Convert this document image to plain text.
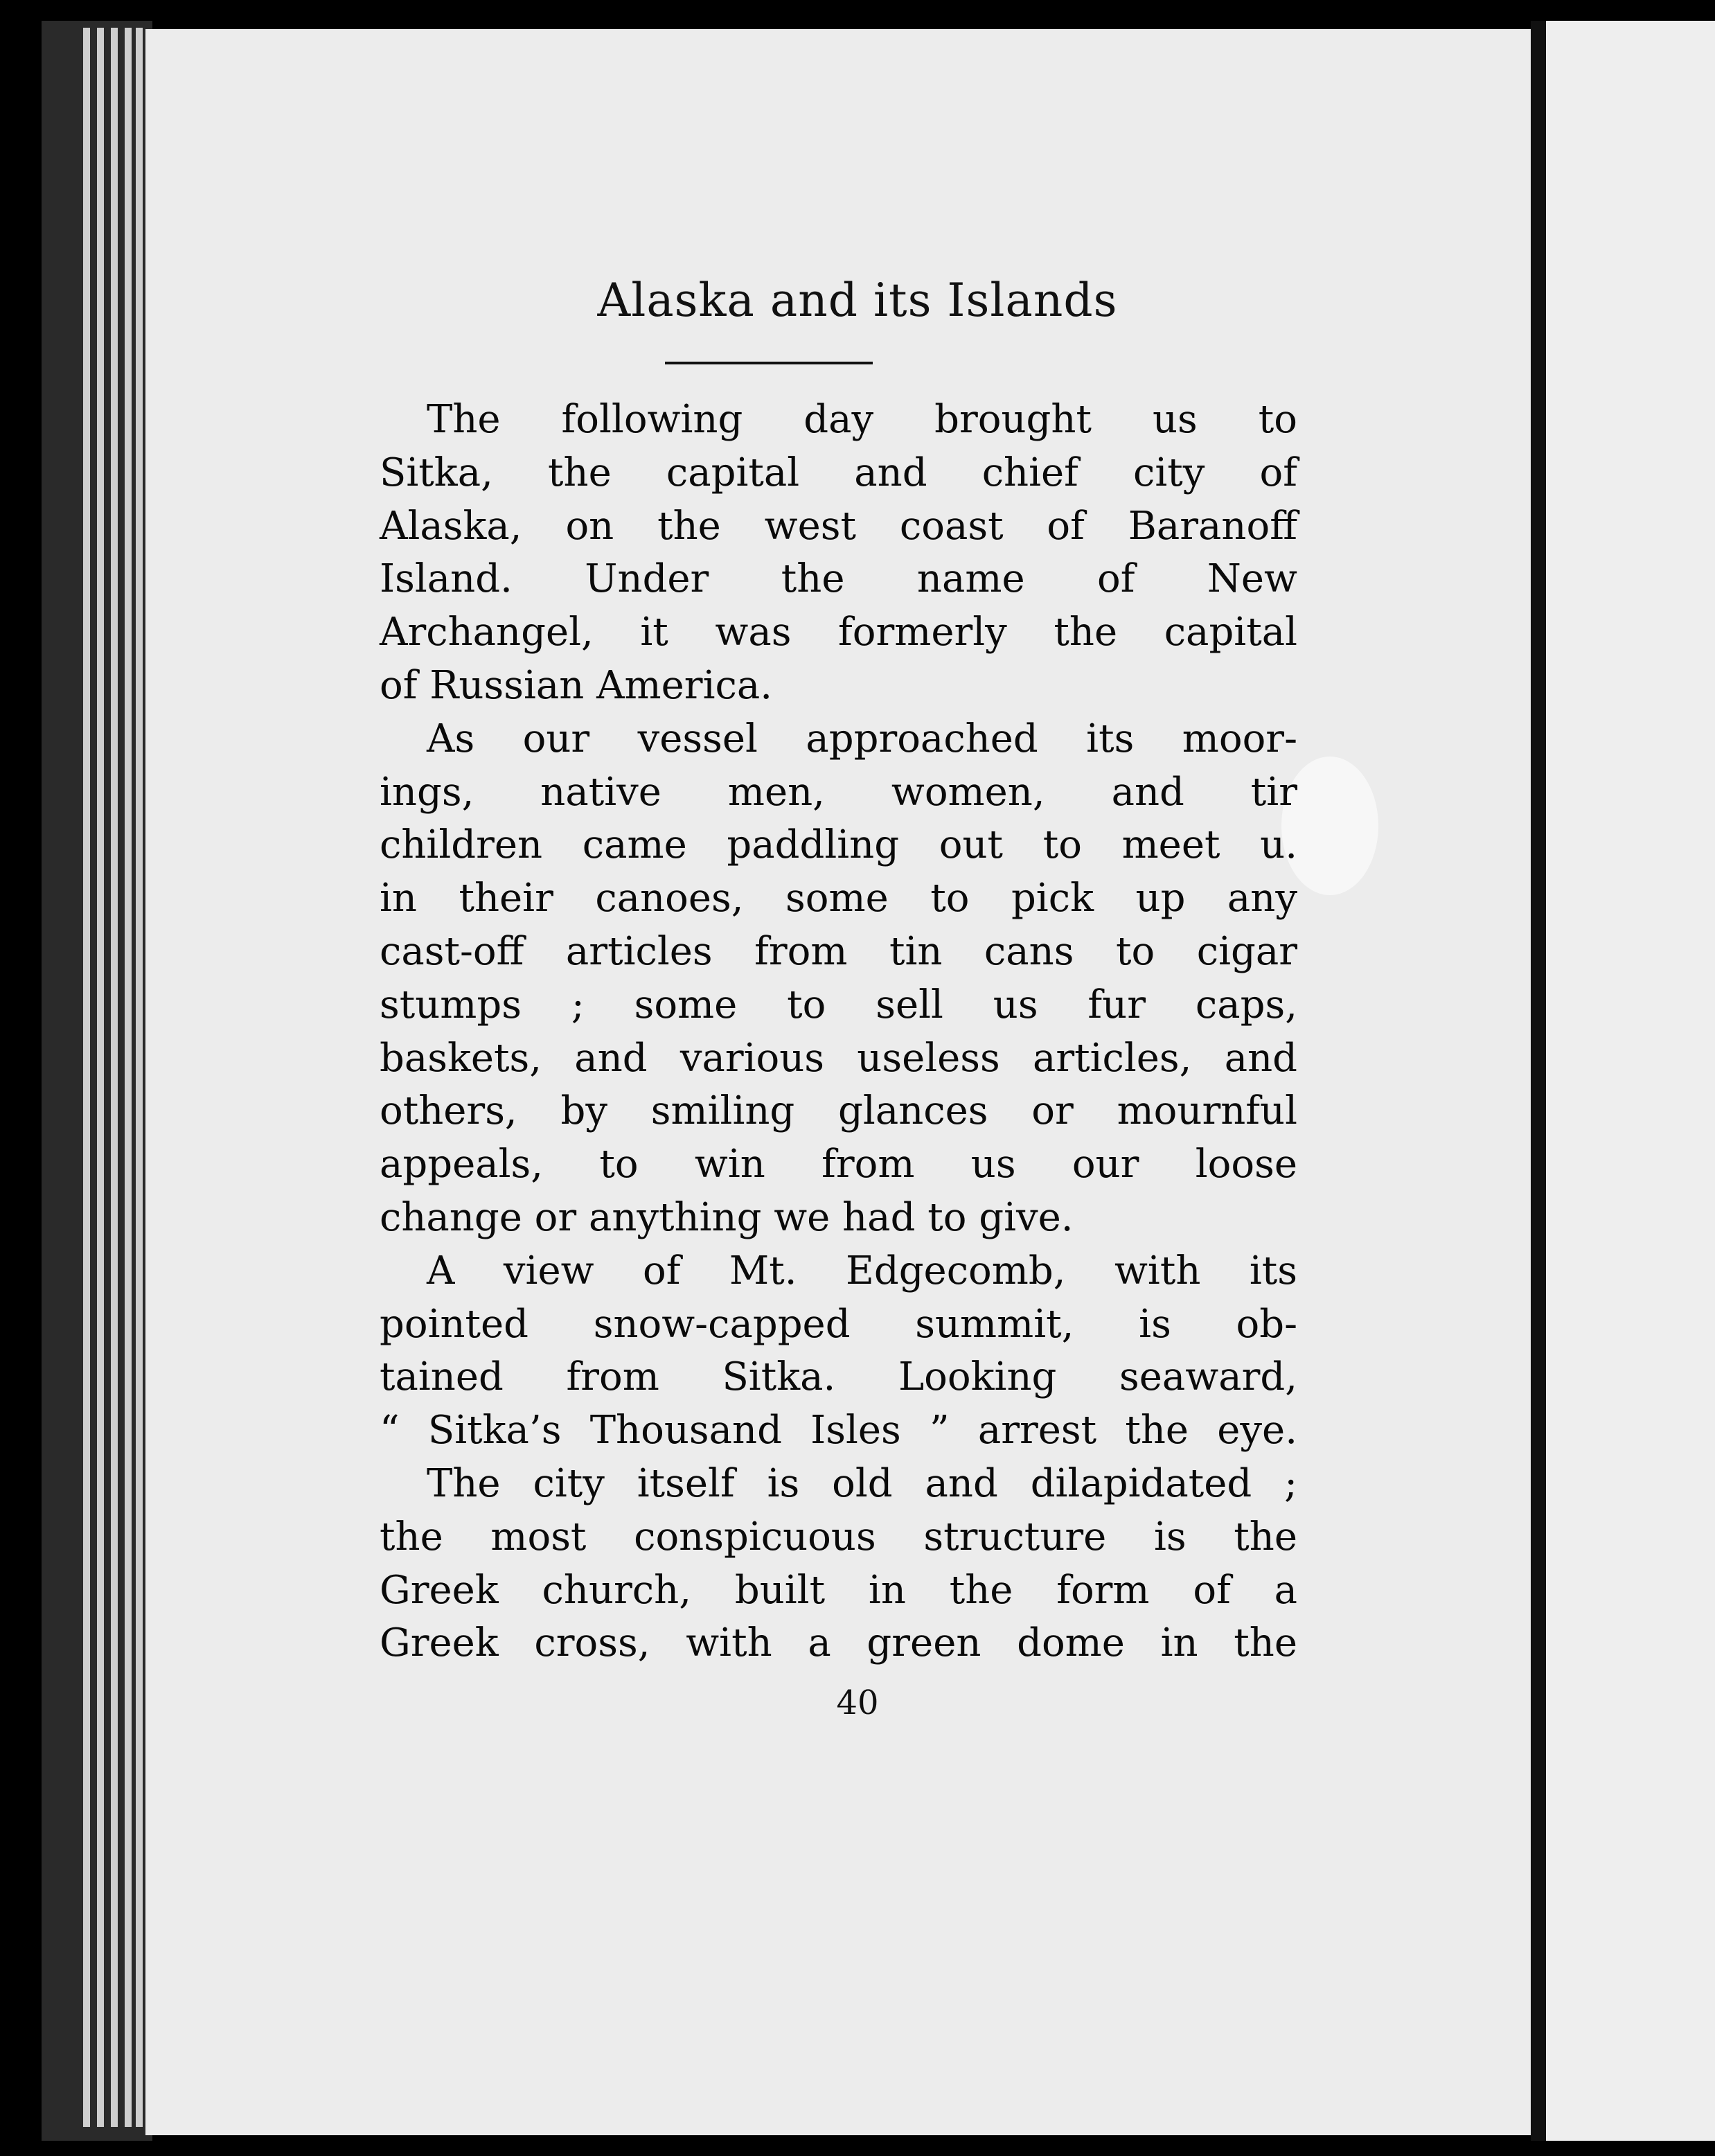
Alaska and its Islands
The following day brought us to
Sitka, the capital and chief city of
Alaska, on the west coast of Baranoff
Island. Under the name of New
Archangel, it was formerly the capital
of Russian America.
As our vessel approached its moor-
ings, native men, women, and tir
children came paddling out to meet u.
in their canoes, some to pick up any
cast-off articles from tin cans to cigar
stumps ; some to sell us fur caps,
baskets, and various useless articles, and
others, by smiling glances or mournful
appeals, to win from us our loose
change or anything we had to give.
A view of Mt. Edgecomb, with its
pointed snow-capped summit, is ob-
tained from Sitka. Looking seaward,
“ Sitka’s Thousand Isles ” arrest the eye.
The city itself is old and dilapidated ;
the most conspicuous structure is the
Greek church, built in the form of a
Greek cross, with a green dome in the
40
